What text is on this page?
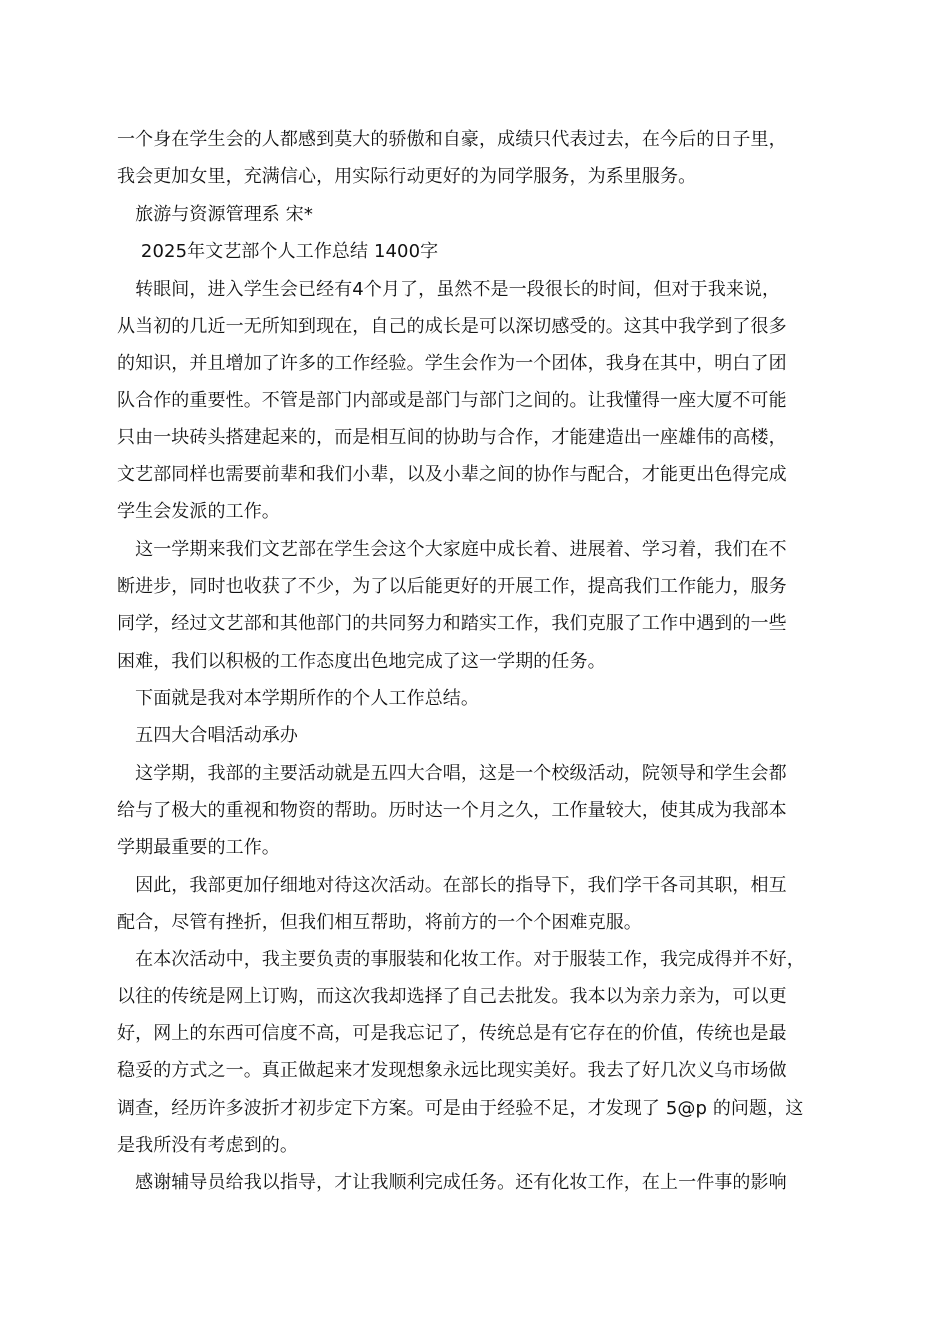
一个身在学生会的人都感到莫大的骄傲和自豪，成绩只代表过去，在今后的日子里，
我会更加女里，充满信心，用实际行动更好的为同学服务，为系里服务。
　旅游与资源管理系 宋*
　 2025年文艺部个人工作总结 1400字
　转眼间，进入学生会已经有4个月了，虽然不是一段很长的时间，但对于我来说，
从当初的几近一无所知到现在，自己的成长是可以深切感受的。这其中我学到了很多
的知识，并且增加了许多的工作经验。学生会作为一个团体，我身在其中，明白了团
队合作的重要性。不管是部门内部或是部门与部门之间的。让我懂得一座大厦不可能
只由一块砖头搭建起来的，而是相互间的协助与合作，才能建造出一座雄伟的高楼，
文艺部同样也需要前辈和我们小辈，以及小辈之间的协作与配合，才能更出色得完成
学生会发派的工作。
　这一学期来我们文艺部在学生会这个大家庭中成长着、进展着、学习着，我们在不
断进步，同时也收获了不少，为了以后能更好的开展工作，提高我们工作能力，服务
同学，经过文艺部和其他部门的共同努力和踏实工作，我们克服了工作中遇到的一些
困难，我们以积极的工作态度出色地完成了这一学期的任务。
　下面就是我对本学期所作的个人工作总结。
　五四大合唱活动承办
　这学期，我部的主要活动就是五四大合唱，这是一个校级活动，院领导和学生会都
给与了极大的重视和物资的帮助。历时达一个月之久，工作量较大，使其成为我部本
学期最重要的工作。
　因此，我部更加仔细地对待这次活动。在部长的指导下，我们学干各司其职，相互
配合，尽管有挫折，但我们相互帮助，将前方的一个个困难克服。
　在本次活动中，我主要负责的事服装和化妆工作。对于服装工作，我完成得并不好，
以往的传统是网上订购，而这次我却选择了自己去批发。我本以为亲力亲为，可以更
好，网上的东西可信度不高，可是我忘记了，传统总是有它存在的价值，传统也是最
稳妥的方式之一。真正做起来才发现想象永远比现实美好。我去了好几次义乌市场做
调查，经历许多波折才初步定下方案。可是由于经验不足，才发现了 5@p 的问题，这
是我所没有考虑到的。
　感谢辅导员给我以指导，才让我顺利完成任务。还有化妆工作，在上一件事的影响
